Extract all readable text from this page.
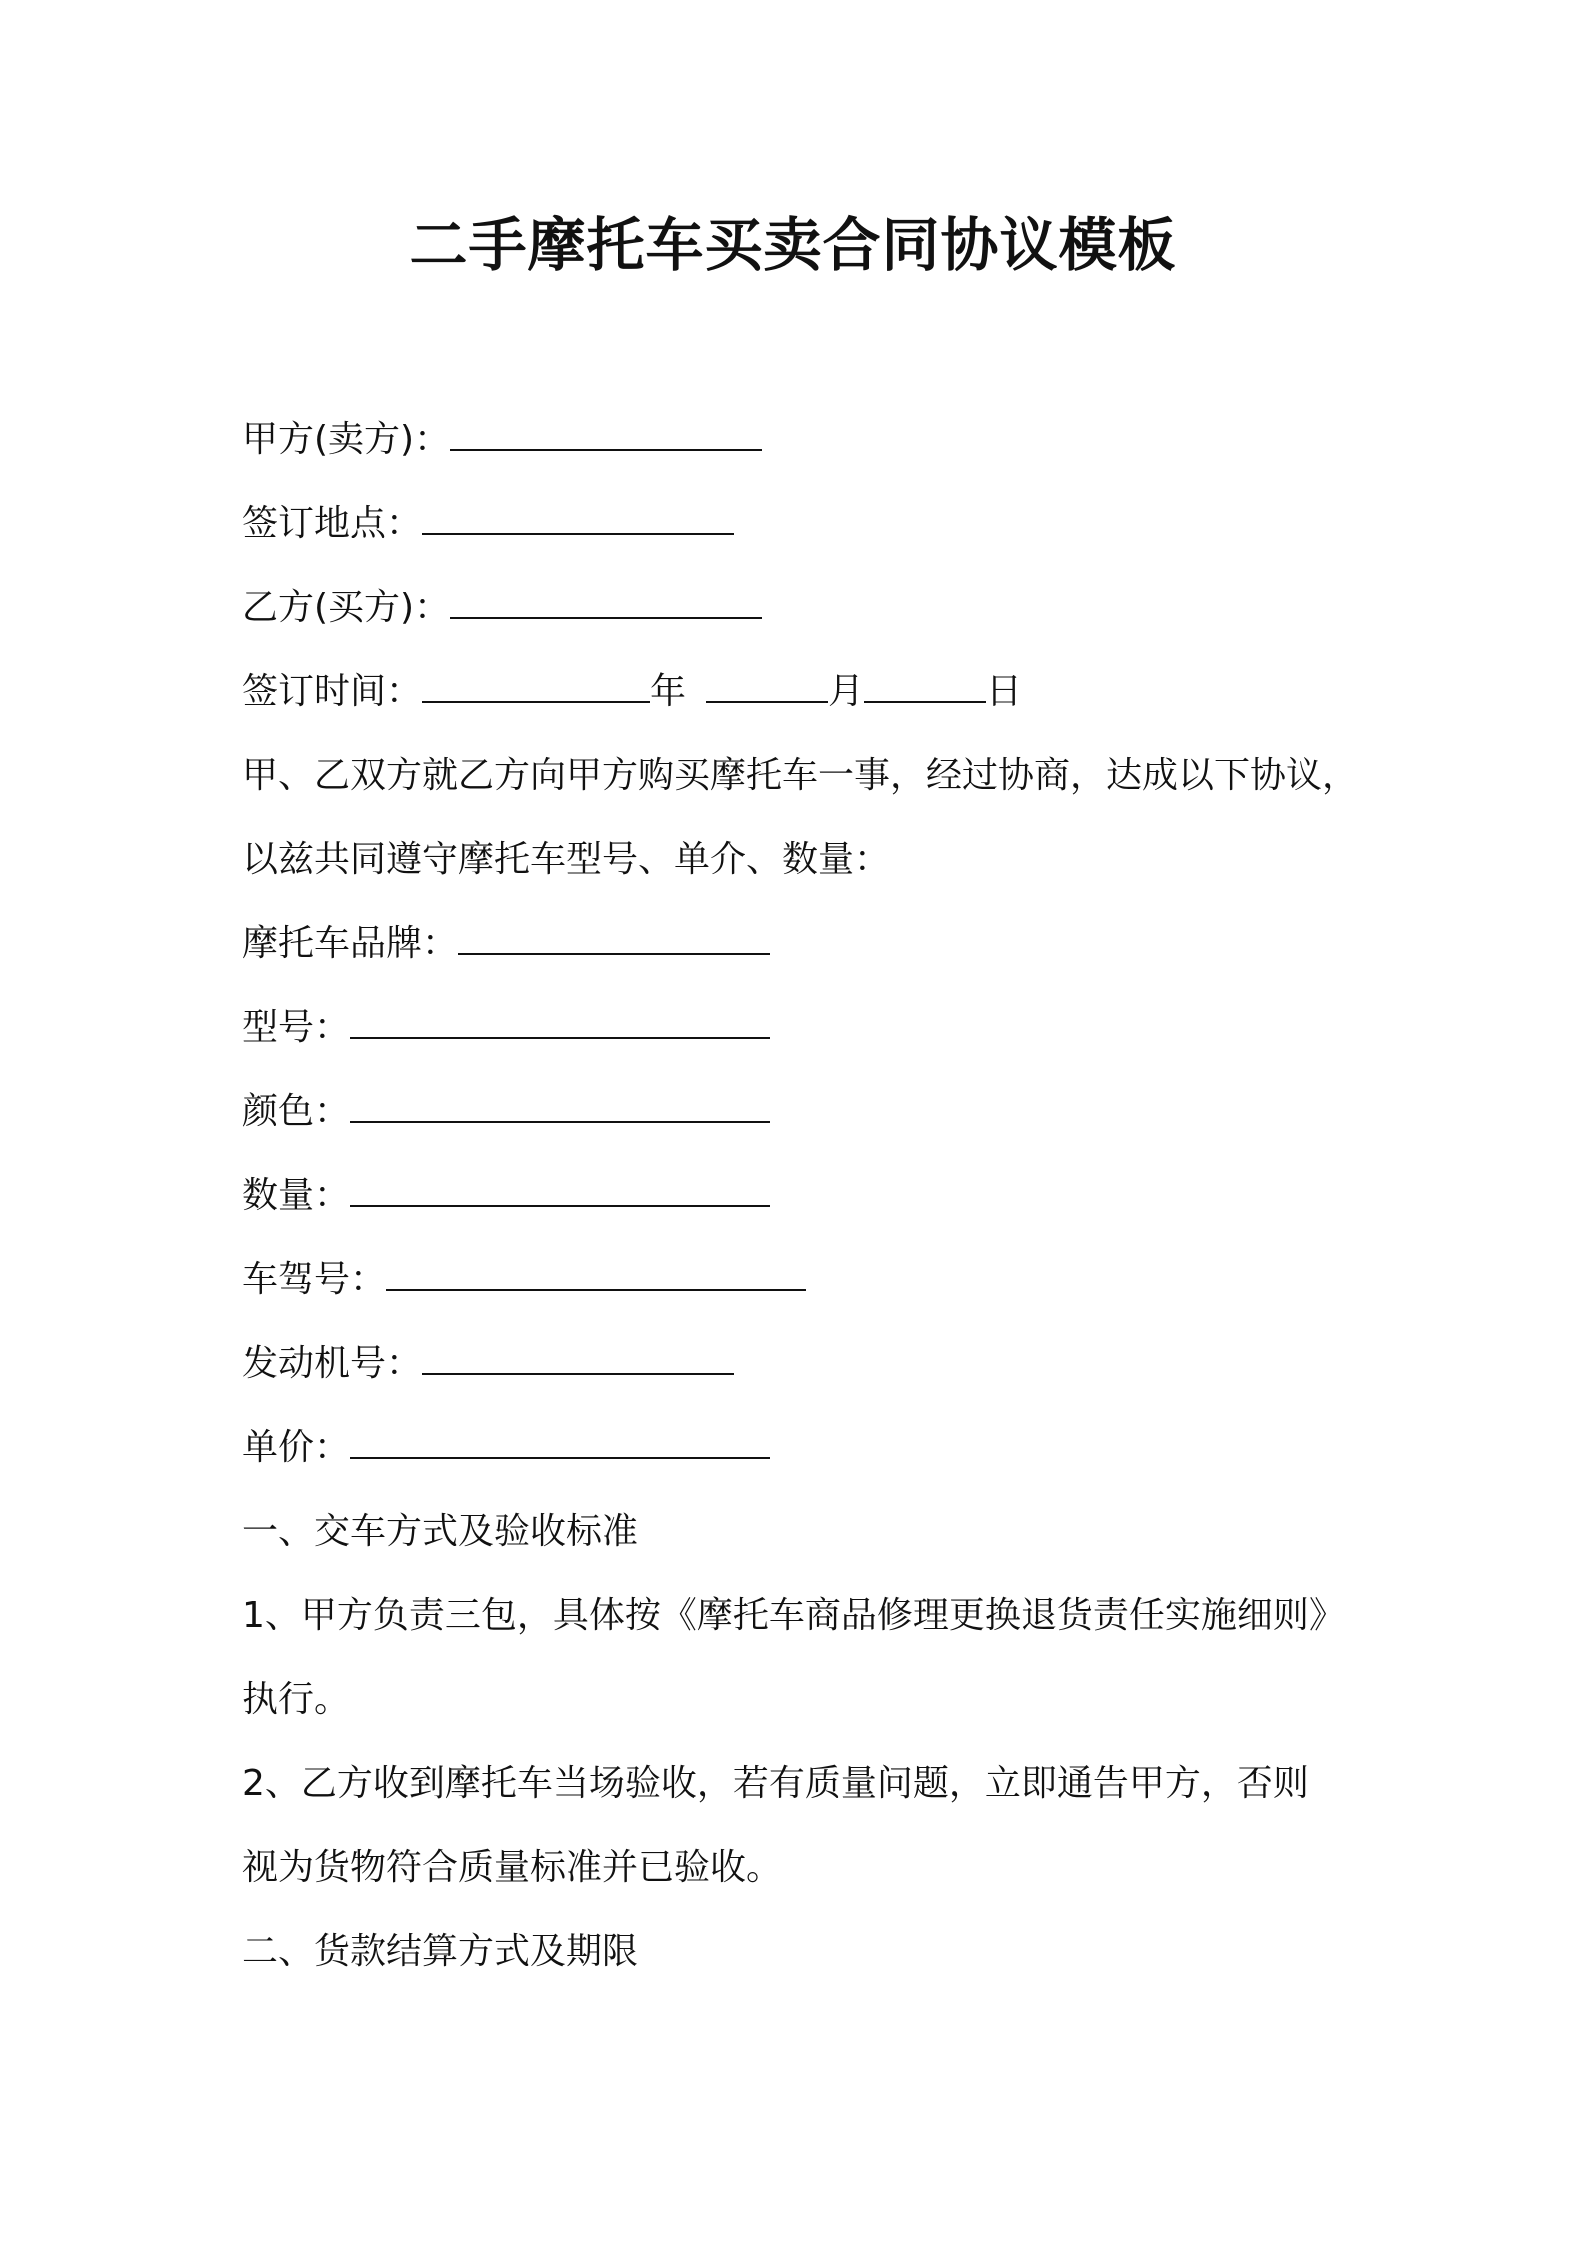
二手摩托车买卖合同协议模板
甲方(卖方)：
签订地点：
乙方(买方)：
签订时间：	年	月	日
甲、乙双方就乙方向甲方购买摩托车一事，经过协商，达成以下协议，
以兹共同遵守摩托车型号、单介、数量：
摩托车品牌：
型号：
颜色：
数量：
车驾号：
发动机号：
单价：
一、交车方式及验收标准
1、甲方负责三包，具体按《摩托车商品修理更换退货责任实施细则》
执行。
2、乙方收到摩托车当场验收，若有质量问题，立即通告甲方，否则
视为货物符合质量标准并已验收。
二、货款结算方式及期限
